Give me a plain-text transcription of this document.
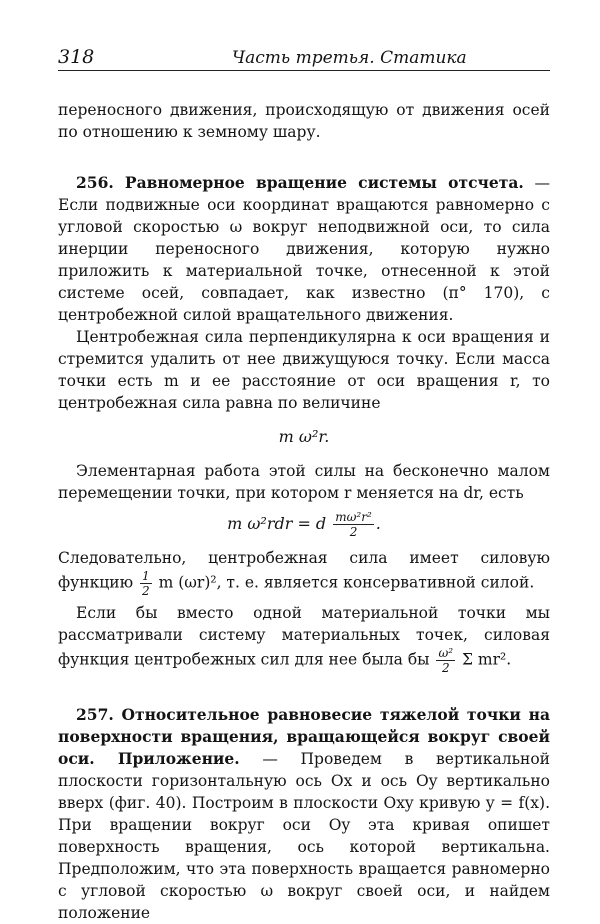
318	Часть третья. Статика

переносного движения, происходящую от движения осей по отношению к земному шару.

256. Равномерное вращение системы отсчета. — Если подвижные оси координат вращаются равномерно с угловой скоростью ω вокруг неподвижной оси, то сила инерции переносного движения, которую нужно приложить к материальной точке, отнесенной к этой системе осей, совпадает, как известно (п° 170), с центробежной силой вращательного движения.

Центробежная сила перпендикулярна к оси вращения и стремится удалить от нее движущуюся точку. Если масса точки есть m и ее расстояние от оси вращения r, то центробежная сила равна по величине

m ω²r.

Элементарная работа этой силы на бесконечно малом перемещении точки, при котором r меняется на dr, есть

m ω²rdr = d $\frac{\text{mω²r²}}{2}$ .
Следовательно, центробежная сила имеет силовую функцию $\frac{1}{2}$ m (ωr)², т. е. является консервативной силой.
Если бы вместо одной материальной точки мы рассматривали систему материальных точек, силовая функция центробежных сил для нее была бы $\frac{\text{ω²}}{2}$ Σ mr².

257. Относительное равновесие тяжелой точки на поверхности вращения, вращающейся вокруг своей оси. Приложение. — Проведем в вертикальной плоскости горизонтальную ось Ox и ось Oy вертикально вверх (фиг. 40). Построим в плоскости Oxy кривую y = f(x). При вращении вокруг оси Oy эта кривая опишет поверхность вращения, ось которой вертикальна. Предположим, что эта поверхность вращается равномерно с угловой скоростью ω вокруг своей оси, и найдем положение
